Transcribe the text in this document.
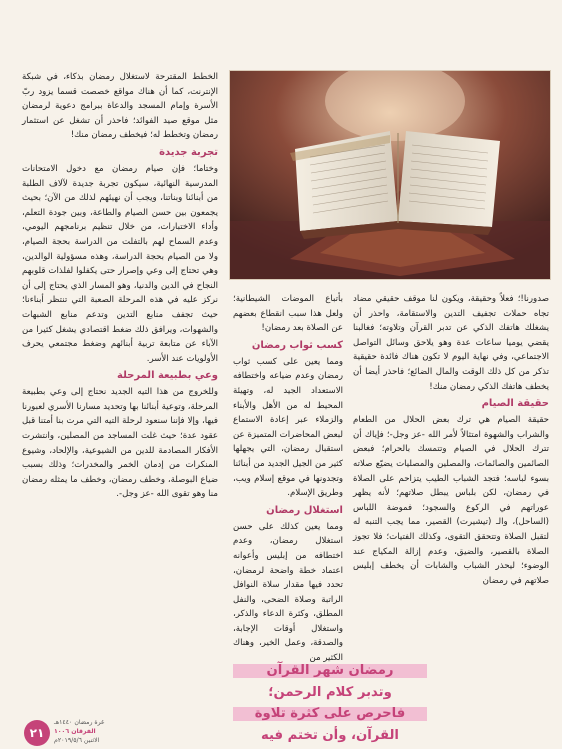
الخطط المقترحة لاستغلال رمضان بذكاء، في شبكة الإنترنت، كما أن هناك مواقع خصصت قسما يزود ربّ الأسرة وإمام المسجد والدعاة ببرامج دعوية لرمضان مثل موقع صيد الفوائد؛ فاحذر أن تشغل عن استثمار رمضان وتخطط له؛ فيخطف رمضان منك!

تجربة جديدة

وختاما؛ فإن صيام رمضان مع دخول الامتحانات المدرسية النهائية، سيكون تجربة جديدة لآلاف الطلبة من أبنائنا وبناتنا، ويجب أن نهيئهم لذلك من الآن؛ بحيث يجمعون بين حسن الصيام والطاعة، وبين جودة التعلم، وأداء الاختبارات، من خلال تنظيم برنامجهم اليومي، وعدم السماح لهم بالتفلت من الدراسة بحجة الصيام، ولا من الصيام بحجة الدراسة، وهذه مسؤولية الوالدين، وهي تحتاج إلى وعي وإصرار حتى يكفلوا لفلذات قلوبهم النجاح في الدين والدنيا، وهو المسار الذي يحتاج إلى أن نركز عليه في هذه المرحلة الصعبة التي تنتظر أبناءنا؛ حيث تجفف منابع التدين وتدعم منابع الشبهات والشهوات، ويرافق ذلك ضغط اقتصادي يشغل كثيرا من الآباء عن متابعة تربية أبنائهم وضغط مجتمعي يحرف الأولويات عند الأسر.

وعي بطبيعة المرحلة

وللخروج من هذا التيه الجديد نحتاج إلى وعي بطبيعة المرحلة، وتوعية أبنائنا بها وتحديد مسارنا الأسري لعبورنا فيها، وإلا فإننا سنعود لرحلة التيه التي مرت بنا أمتنا قبل عقود عدة؛ حيث غلت المساجد من المصلين، وانتشرت الأفكار المصادمة للدين من الشيوعية، والإلحاد، وشيوع المنكرات من إدمان الخمر والمخدرات؛ وذلك بسبب ضياع البوصلة، وخطف رمضان، وخطف ما يمثله رمضان منا وهو تقوى الله -عز وجل-.

بأتباع الموضات الشيطانية؛ ولعل هذا سبب انقطاع بعضهم عن الصلاة بعد رمضان!

كسب ثواب رمضان

ومما يعين على كسب ثواب رمضان وعدم ضياعه واختطافه الاستعداد الجيد له، وتهيئة المحيط له من الأهل والأبناء والزملاء عبر إعادة الاستماع لبعض المحاضرات المتميزة عن استقبال رمضان، التي يجهلها كثير من الجيل الجديد من أبنائنا وتجدونها في موقع إسلام ويب، وطريق الإسلام.

استغلال رمضان

ومما يعين كذلك على حسن استغلال رمضان، وعدم اختطافه من إبليس وأعوانه اعتماد خطة واضحة لرمضان، تحدد فيها مقدار سلاة النوافل الراتبة وصلاة الضحى، والنفل المطلق، وكثرة الدعاء والذكر، واستغلال أوقات الإجابة، والصدقة، وعمل الخير، وهناك الكثير من

رمضان شهر القرآن
وتدبر كلام الرحمن؛
فاحرص على كثرة تلاوة
القرآن، وأن تختم فيه

صدورنا!؛ فعلاً وحقيقة، ويكون لنا موقف حقيقي مضاد تجاه حملات تجفيف التدين والاستقامة، واحذر أن يشغلك هاتفك الذكي عن تدبر القرآن وتلاوته؛ فغالبنا يقضي يوميا ساعات عدة وهو يلاحق وسائل التواصل الاجتماعي، وفي نهاية اليوم لا تكون هناك فائدة حقيقية تذكر من كل ذلك الوقت والمال الضائع؛ فاحذر أيضا أن يخطف هاتفك الذكي رمضان منك!

حقيقة الصيام

حقيقة الصيام هي ترك بعض الحلال من الطعام والشراب والشهوة امتثالاً لأمر الله -عز وجل-؛ فإياك أن تترك الحلال في الصيام وتتمسك بالحرام؛ فبعض الصائمين والصائمات، والمصلين والمصليات يضيّع صلاته بسوء لباسه؛ فتجد الشباب الطيب يتزاحم على الصلاة في رمضان، لكن بلباس يبطل صلاتهم؛ لأنه يظهر عوراتهم في الركوع والسجود؛ فموضة اللباس (الساحل)، والـ (تيشيرت) القصير، مما يجب التنبه له لتقبل الصلاة وتتحقق التقوى، وكذلك الفتيات؛ فلا تجوز الصلاة بالقصير، والضيق، وعدم إزالة المكياج عند الوضوء؛ ليحذر الشباب والشابات أن يخطف إبليس صلاتهم في رمضان

٢١
غرة رمضان ١٤٤٠هـ
الفرقان ١٠٠٦
الاثنين ٢٠١٩/٥/٦م
